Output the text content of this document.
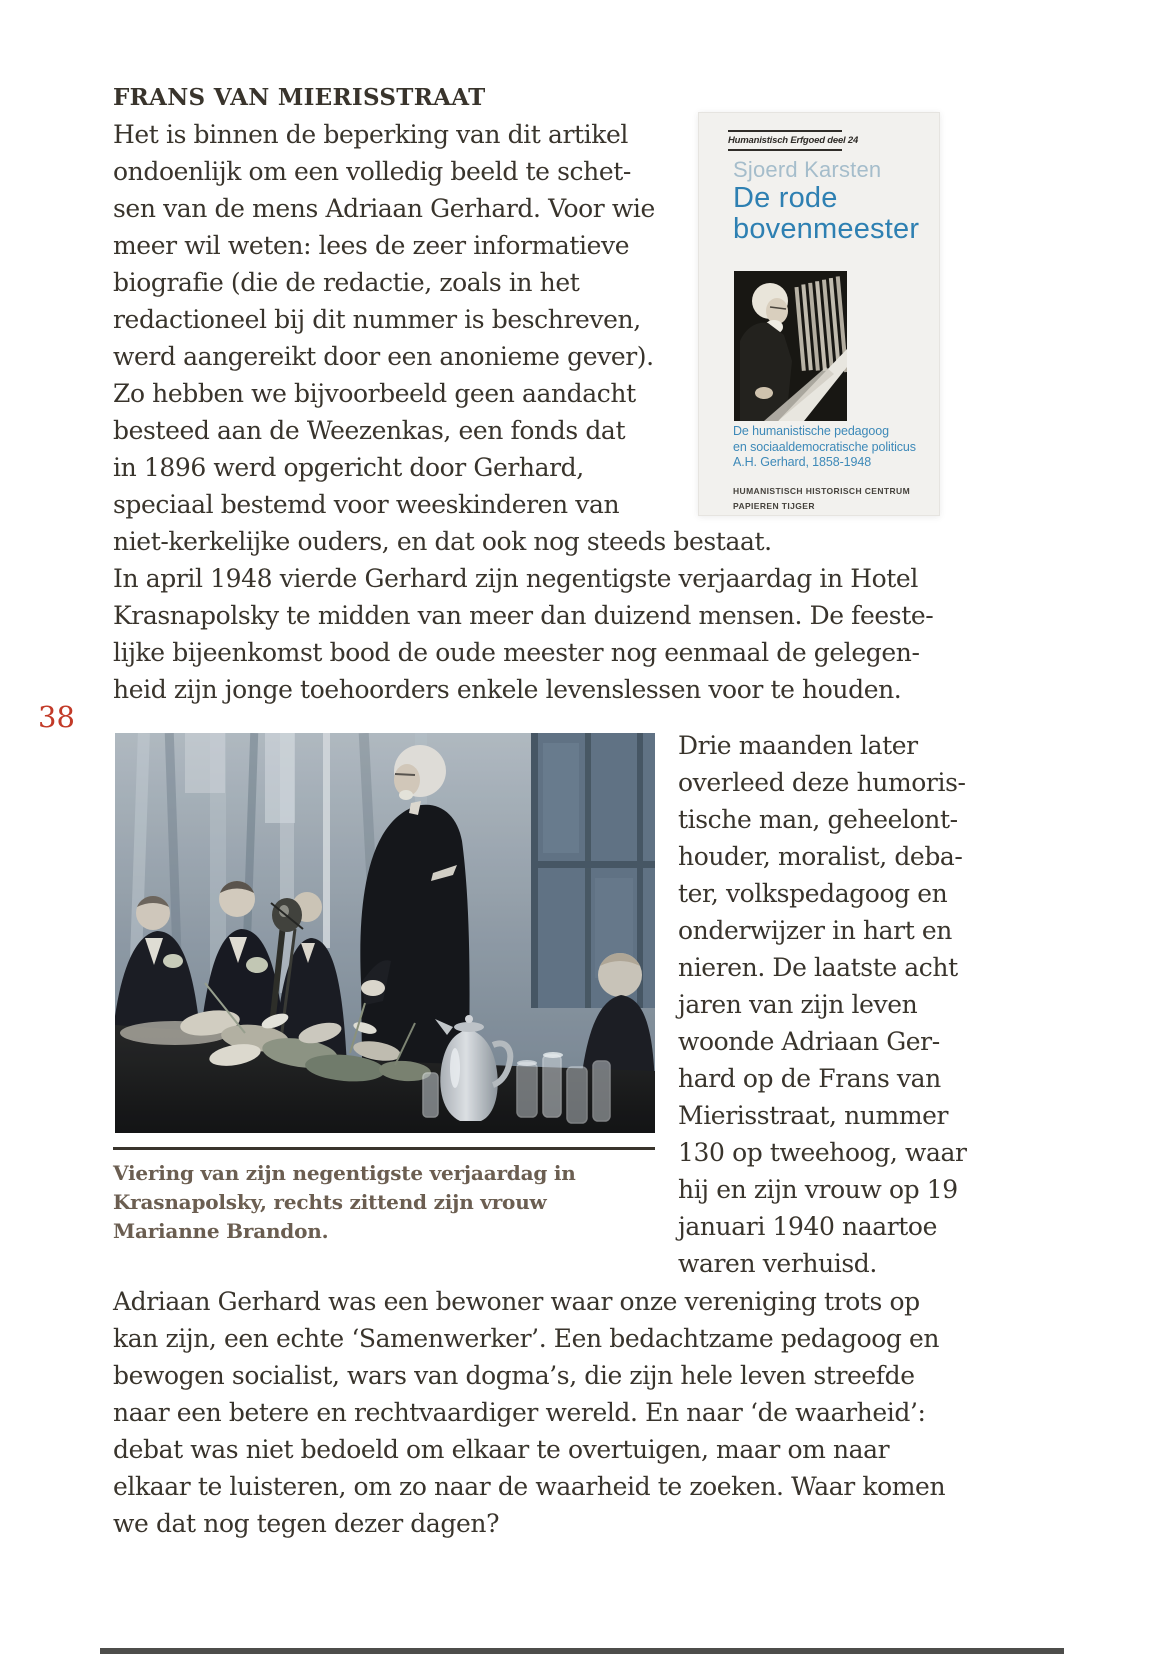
38
FRANS VAN MIERISSTRAAT
Het is binnen de beperking van dit artikel
ondoenlijk om een volledig beeld te schet-
sen van de mens Adriaan Gerhard. Voor wie
meer wil weten: lees de zeer informatieve
biografie (die de redactie, zoals in het
redactioneel bij dit nummer is beschreven,
werd aangereikt door een anonieme gever).
Zo hebben we bijvoorbeeld geen aandacht
besteed aan de Weezenkas, een fonds dat
in 1896 werd opgericht door Gerhard,
speciaal bestemd voor weeskinderen van
niet-kerkelijke ouders, en dat ook nog steeds bestaat.
In april 1948 vierde Gerhard zijn negentigste verjaardag in Hotel
Krasnapolsky te midden van meer dan duizend mensen. De feeste-
lijke bijeenkomst bood de oude meester nog eenmaal de gelegen-
heid zijn jonge toehoorders enkele levenslessen voor te houden.
Humanistisch Erfgoed deel 24
Sjoerd Karsten
De rode
bovenmeester
De humanistische pedagoog
en sociaaldemocratische politicus
A.H. Gerhard, 1858-1948
HUMANISTISCH HISTORISCH CENTRUM
PAPIEREN TIJGER
Viering van zijn negentigste verjaardag in
Krasnapolsky, rechts zittend zijn vrouw
Marianne Brandon.
Drie maanden later
overleed deze humoris-
tische man, geheelont-
houder, moralist, deba-
ter, volkspedagoog en
onderwijzer in hart en
nieren. De laatste acht
jaren van zijn leven
woonde Adriaan Ger-
hard op de Frans van
Mierisstraat, nummer
130 op tweehoog, waar
hij en zijn vrouw op 19
januari 1940 naartoe
waren verhuisd.
Adriaan Gerhard was een bewoner waar onze vereniging trots op
kan zijn, een echte ‘Samenwerker’. Een bedachtzame pedagoog en
bewogen socialist, wars van dogma’s, die zijn hele leven streefde
naar een betere en rechtvaardiger wereld. En naar ‘de waarheid’:
debat was niet bedoeld om elkaar te overtuigen, maar om naar
elkaar te luisteren, om zo naar de waarheid te zoeken. Waar komen
we dat nog tegen dezer dagen?
